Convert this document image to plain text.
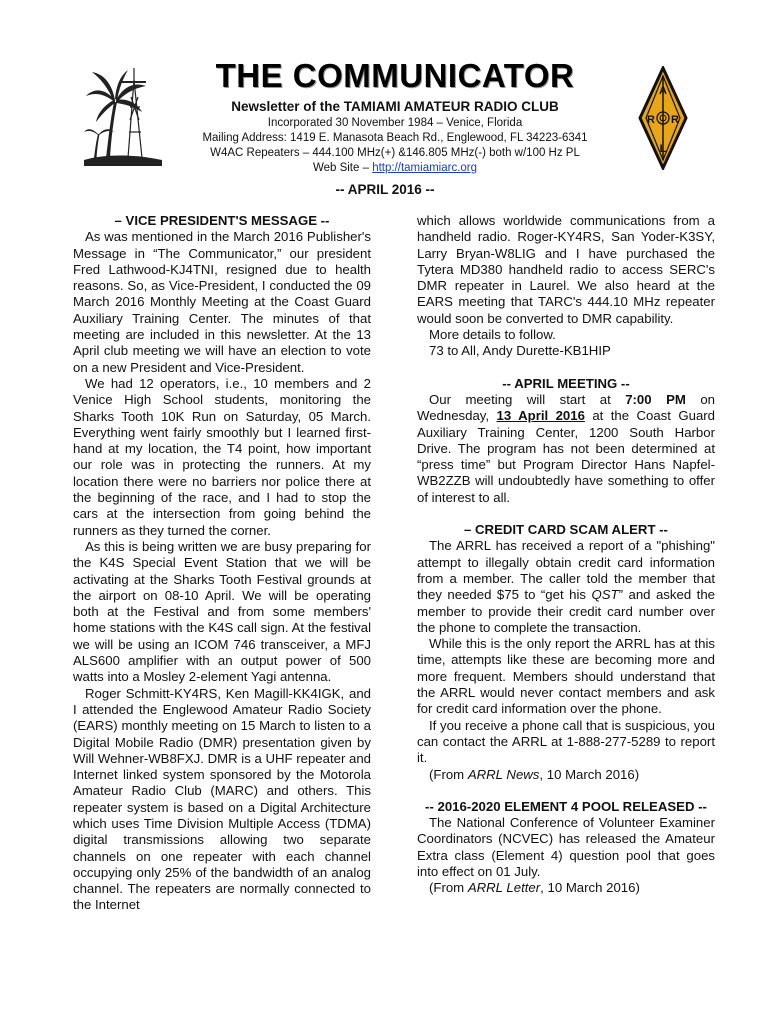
THE COMMUNICATOR
Newsletter of the TAMIAMI AMATEUR RADIO CLUB
Incorporated 30 November 1984 – Venice, Florida
Mailing Address: 1419 E. Manasota Beach Rd., Englewood, FL 34223-6341
W4AC Repeaters – 444.100 MHz(+) &146.805 MHz(-) both w/100 Hz PL
Web Site – http://tamiamiarc.org
A
R R
L
-- APRIL 2016 --
– VICE PRESIDENT'S MESSAGE --

As was mentioned in the March 2016 Publisher's Message in “The Communicator,” our president Fred Lathwood-KJ4TNI, resigned due to health reasons. So, as Vice-President, I conducted the 09 March 2016 Monthly Meeting at the Coast Guard Auxiliary Training Center. The minutes of that meeting are included in this newsletter. At the 13 April club meeting we will have an election to vote on a new President and Vice-President.

We had 12 operators, i.e., 10 members and 2 Venice High School students, monitoring the Sharks Tooth 10K Run on Saturday, 05 March. Everything went fairly smoothly but I learned first-hand at my location, the T4 point, how important our role was in protecting the runners. At my location there were no barriers nor police there at the beginning of the race, and I had to stop the cars at the intersection from going behind the runners as they turned the corner.

As this is being written we are busy preparing for the K4S Special Event Station that we will be activating at the Sharks Tooth Festival grounds at the airport on 08-10 April. We will be operating both at the Festival and from some members' home stations with the K4S call sign. At the festival we will be using an ICOM 746 transceiver, a MFJ ALS600 amplifier with an output power of 500 watts into a Mosley 2-element Yagi antenna.

Roger Schmitt-KY4RS, Ken Magill-KK4IGK, and I attended the Englewood Amateur Radio Society (EARS) monthly meeting on 15 March to listen to a Digital Mobile Radio (DMR) presentation given by Will Wehner-WB8FXJ. DMR is a UHF repeater and Internet linked system sponsored by the Motorola Amateur Radio Club (MARC) and others. This repeater system is based on a Digital Architecture which uses Time Division Multiple Access (TDMA) digital transmissions allowing two separate channels on one repeater with each channel occupying only 25% of the bandwidth of an analog channel. The repeaters are normally connected to the Internet

which allows worldwide communications from a handheld radio. Roger-KY4RS, San Yoder-K3SY, Larry Bryan-W8LIG and I have purchased the Tytera MD380 handheld radio to access SERC's DMR repeater in Laurel. We also heard at the EARS meeting that TARC's 444.10 MHz repeater would soon be converted to DMR capability.

More details to follow.

73 to All, Andy Durette-KB1HIP

-- APRIL MEETING --

Our meeting will start at 7:00 PM on Wednesday, 13 April 2016 at the Coast Guard Auxiliary Training Center, 1200 South Harbor Drive. The program has not been determined at “press time” but Program Director Hans Napfel-WB2ZZB will undoubtedly have something to offer of interest to all.

– CREDIT CARD SCAM ALERT --

The ARRL has received a report of a "phishing" attempt to illegally obtain credit card information from a member. The caller told the member that they needed $75 to “get his QST” and asked the member to provide their credit card number over the phone to complete the transaction.

While this is the only report the ARRL has at this time, attempts like these are becoming more and more frequent. Members should understand that the ARRL would never contact members and ask for credit card information over the phone.

If you receive a phone call that is suspicious, you can contact the ARRL at 1-888-277-5289 to report it.

(From ARRL News, 10 March 2016)

-- 2016-2020 ELEMENT 4 POOL RELEASED --

The National Conference of Volunteer Examiner Coordinators (NCVEC) has released the Amateur Extra class (Element 4) question pool that goes into effect on 01 July.

(From ARRL Letter, 10 March 2016)
